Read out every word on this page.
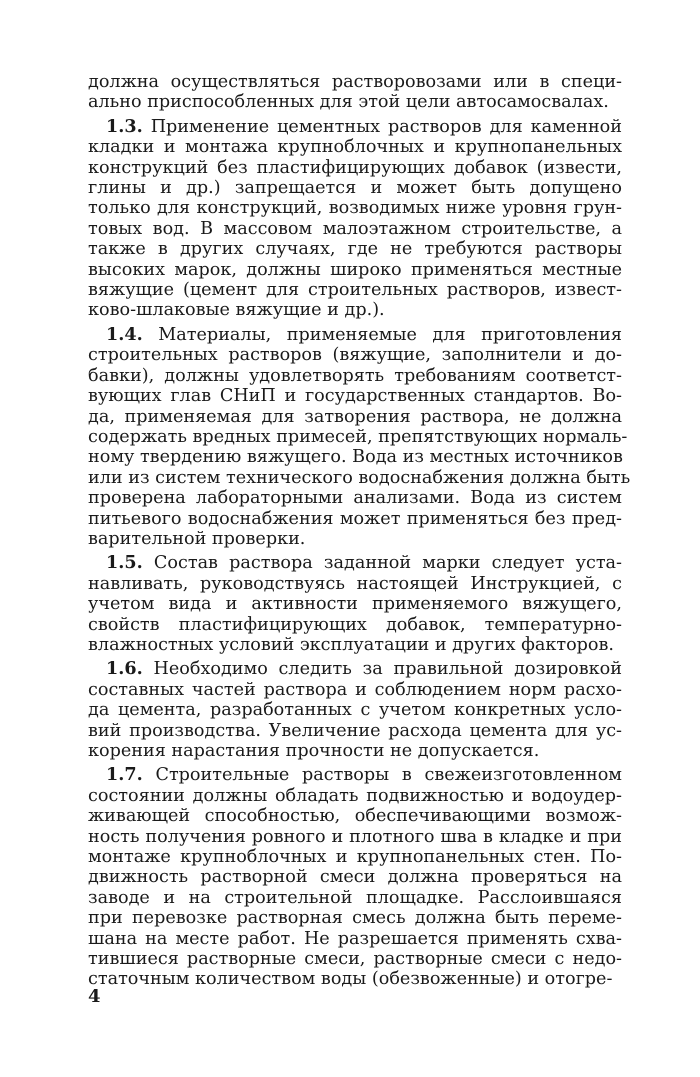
должна осуществляться растворовозами или в специ-
ально приспособленных для этой цели автосамосвалах.
1.3. Применение цементных растворов для каменной
кладки и монтажа крупноблочных и крупнопанельных
конструкций без пластифицирующих добавок (извести,
глины и др.) запрещается и может быть допущено
только для конструкций, возводимых ниже уровня грун-
товых вод. В массовом малоэтажном строительстве, а
также в других случаях, где не требуются растворы
высоких марок, должны широко применяться местные
вяжущие (цемент для строительных растворов, извест-
ково-шлаковые вяжущие и др.).
1.4. Материалы, применяемые для приготовления
строительных растворов (вяжущие, заполнители и до-
бавки), должны удовлетворять требованиям соответст-
вующих глав СНиП и государственных стандартов. Во-
да, применяемая для затворения раствора, не должна
содержать вредных примесей, препятствующих нормаль-
ному твердению вяжущего. Вода из местных источников
или из систем технического водоснабжения должна быть
проверена лабораторными анализами. Вода из систем
питьевого водоснабжения может применяться без пред-
варительной проверки.
1.5. Состав раствора заданной марки следует уста-
навливать, руководствуясь настоящей Инструкцией, с
учетом вида и активности применяемого вяжущего,
свойств пластифицирующих добавок, температурно-
влажностных условий эксплуатации и других факторов.
1.6. Необходимо следить за правильной дозировкой
составных частей раствора и соблюдением норм расхо-
да цемента, разработанных с учетом конкретных усло-
вий производства. Увеличение расхода цемента для ус-
корения нарастания прочности не допускается.
1.7. Строительные растворы в свежеизготовленном
состоянии должны обладать подвижностью и водоудер-
живающей способностью, обеспечивающими возмож-
ность получения ровного и плотного шва в кладке и при
монтаже крупноблочных и крупнопанельных стен. По-
движность растворной смеси должна проверяться на
заводе и на строительной площадке. Расслоившаяся
при перевозке растворная смесь должна быть переме-
шана на месте работ. Не разрешается применять схва-
тившиеся растворные смеси, растворные смеси с недо-
статочным количеством воды (обезвоженные) и отогре-
4
